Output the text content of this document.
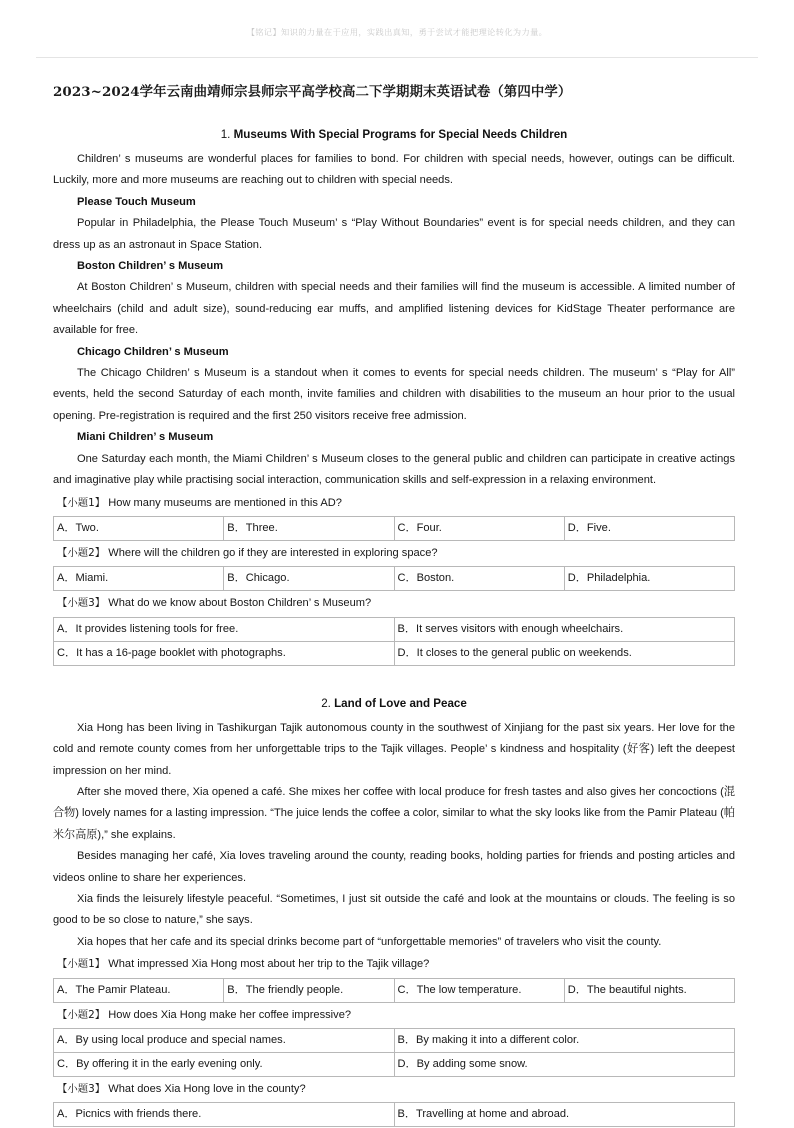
【铭记】知识的力量在于应用，实践出真知，勇于尝试才能把理论转化为力量。
2023~2024学年云南曲靖师宗县师宗平高学校高二下学期期末英语试卷（第四中学）
1. Museums With Special Programs for Special Needs Children

Children’ s museums are wonderful places for families to bond. For children with special needs, however, outings can be difficult. Luckily, more and more museums are reaching out to children with special needs.

Please Touch Museum

Popular in Philadelphia, the Please Touch Museum’ s “Play Without Boundaries” event is for special needs children, and they can dress up as an astronaut in Space Station.

Boston Children’ s Museum

At Boston Children’ s Museum, children with special needs and their families will find the museum is accessible. A limited number of wheelchairs (child and adult size), sound-reducing ear muffs, and amplified listening devices for KidStage Theater performance are available for free.

Chicago Children’ s Museum

The Chicago Children’ s Museum is a standout when it comes to events for special needs children. The museum’ s “Play for All” events, held the second Saturday of each month, invite families and children with disabilities to the museum an hour prior to the usual opening. Pre-registration is required and the first 250 visitors receive free admission.

Miani Children’ s Museum

One Saturday each month, the Miami Children’ s Museum closes to the general public and children can participate in creative actings and imaginative play while practising social interaction, communication skills and self-expression in a relaxing environment.

【小题1】 How many museums are mentioned in this AD?
A．Two.	B．Three.	C．Four.	D．Five.
【小题2】 Where will the children go if they are interested in exploring space?
A．Miami.	B．Chicago.	C．Boston.	D．Philadelphia.
【小题3】 What do we know about Boston Children’ s Museum?
A．It provides listening tools for free.	B．It serves visitors with enough wheelchairs.
C．It has a 16-page booklet with photographs.	D．It closes to the general public on weekends.
2. Land of Love and Peace

Xia Hong has been living in Tashikurgan Tajik autonomous county in the southwest of Xinjiang for the past six years. Her love for the cold and remote county comes from her unforgettable trips to the Tajik villages. People’ s kindness and hospitality (好客) left the deepest impression on her mind.

After she moved there, Xia opened a café. She mixes her coffee with local produce for fresh tastes and also gives her concoctions (混合物) lovely names for a lasting impression. “The juice lends the coffee a color, similar to what the sky looks like from the Pamir Plateau (帕米尔高原),” she explains.

Besides managing her café, Xia loves traveling around the county, reading books, holding parties for friends and posting articles and videos online to share her experiences.

Xia finds the leisurely lifestyle peaceful. “Sometimes, I just sit outside the café and look at the mountains or clouds. The feeling is so good to be so close to nature,” she says.

Xia hopes that her cafe and its special drinks become part of “unforgettable memories” of travelers who visit the county.

【小题1】 What impressed Xia Hong most about her trip to the Tajik village?
A．The Pamir Plateau.	B．The friendly people.	C．The low temperature.	D．The beautiful nights.
【小题2】 How does Xia Hong make her coffee impressive?
A．By using local produce and special names.	B．By making it into a different color.
C．By offering it in the early evening only.	D．By adding some snow.
【小题3】 What does Xia Hong love in the county?
A．Picnics with friends there.	B．Travelling at home and abroad.
